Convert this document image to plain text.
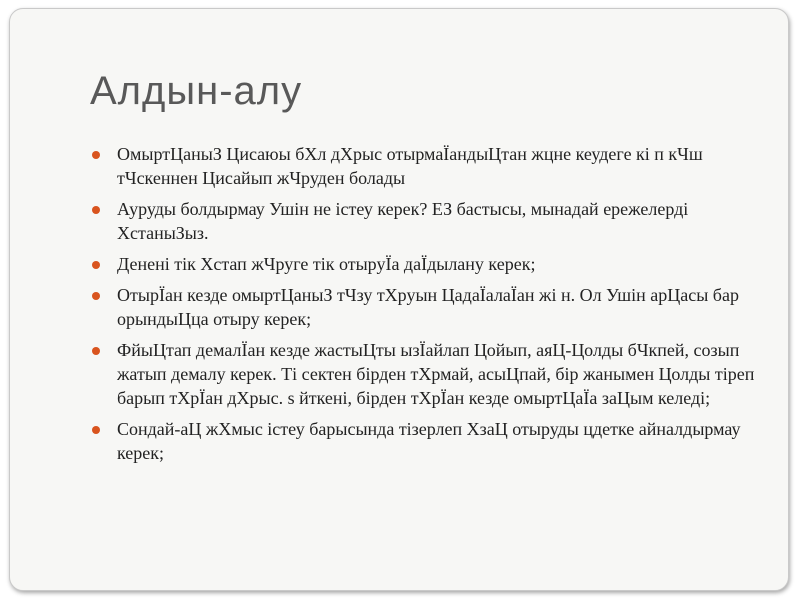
Алдын-алу
ОмыртЦаныЗ Цисаюы бХл дХрыс отырмаЇандыЦтан жцне кеудеге кі п кЧш тЧскеннен Цисайып жЧруден болады
Ауруды болдырмау Ушін не істеу керек? ЕЗ бастысы, мынадай ережелерді ХстаныЗыз.
Денені тік Хстап жЧруге тік отыруЇа даЇдылану керек;
ОтырЇан кезде омыртЦаныЗ тЧзу тХруын ЦадаЇалаЇан жі н. Ол Ушін арЦасы бар орындыЦца отыру керек;
ФйыЦтап демалЇан кезде жастыЦты ызЇайлап Цойып, аяЦ-Цолды бЧкпей, созып жатып демалу керек. Ті сектен бірден тХрмай, асыЦпай, бір жанымен Цолды тіреп барып тХрЇан дХрыс. s йткені, бірден тХрЇан кезде омыртЦаЇа заЦым келеді;
Сондай-аЦ жХмыс істеу барысында тізерлеп ХзаЦ отыруды цдетке айналдырмау керек;
